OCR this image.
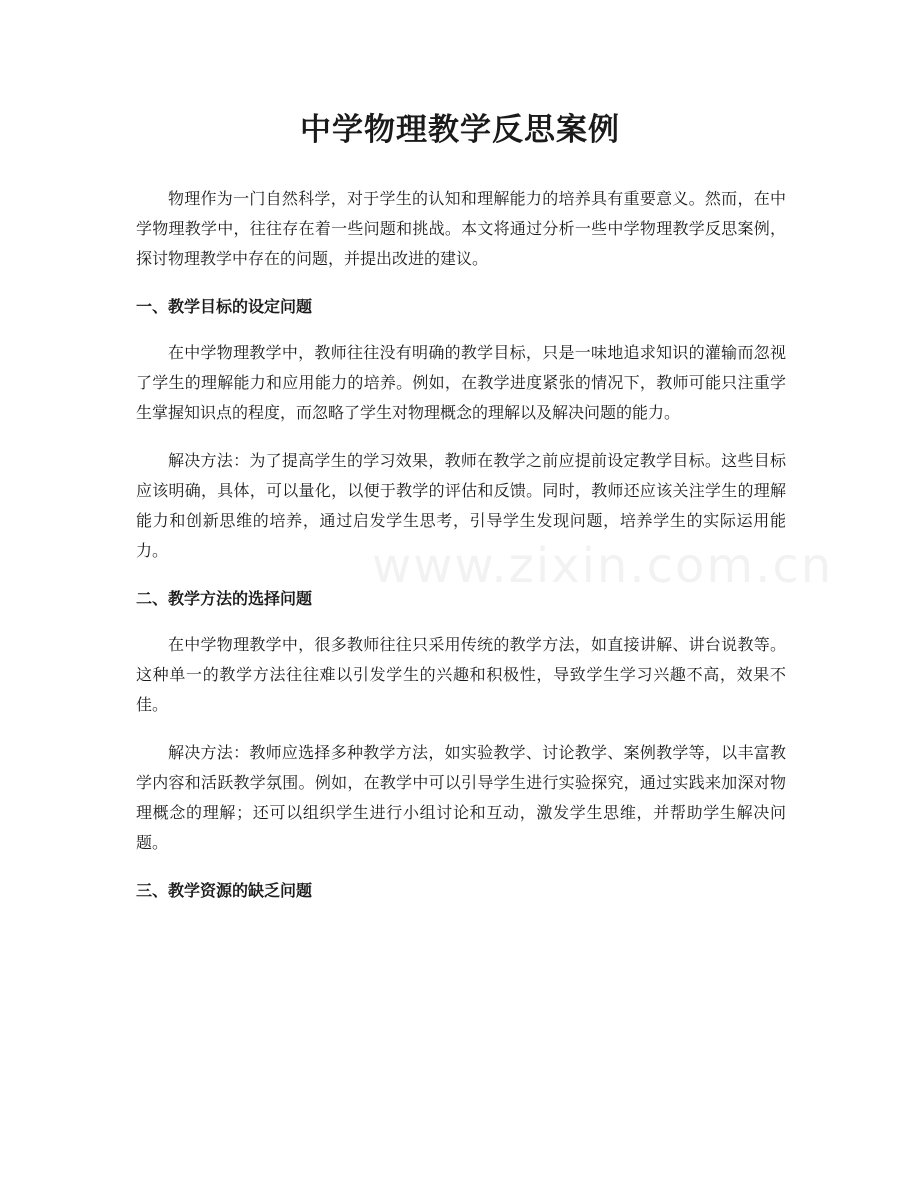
www.zixin.com.cn
中学物理教学反思案例

物理作为一门自然科学，对于学生的认知和理解能力的培养具有重要意义。然而，在中学物理教学中，往往存在着一些问题和挑战。本文将通过分析一些中学物理教学反思案例，探讨物理教学中存在的问题，并提出改进的建议。

一、教学目标的设定问题

在中学物理教学中，教师往往没有明确的教学目标，只是一味地追求知识的灌输而忽视了学生的理解能力和应用能力的培养。例如，在教学进度紧张的情况下，教师可能只注重学生掌握知识点的程度，而忽略了学生对物理概念的理解以及解决问题的能力。

解决方法：为了提高学生的学习效果，教师在教学之前应提前设定教学目标。这些目标应该明确，具体，可以量化，以便于教学的评估和反馈。同时，教师还应该关注学生的理解能力和创新思维的培养，通过启发学生思考，引导学生发现问题，培养学生的实际运用能力。

二、教学方法的选择问题

在中学物理教学中，很多教师往往只采用传统的教学方法，如直接讲解、讲台说教等。这种单一的教学方法往往难以引发学生的兴趣和积极性，导致学生学习兴趣不高，效果不佳。

解决方法：教师应选择多种教学方法，如实验教学、讨论教学、案例教学等，以丰富教学内容和活跃教学氛围。例如，在教学中可以引导学生进行实验探究，通过实践来加深对物理概念的理解；还可以组织学生进行小组讨论和互动，激发学生思维，并帮助学生解决问题。

三、教学资源的缺乏问题
